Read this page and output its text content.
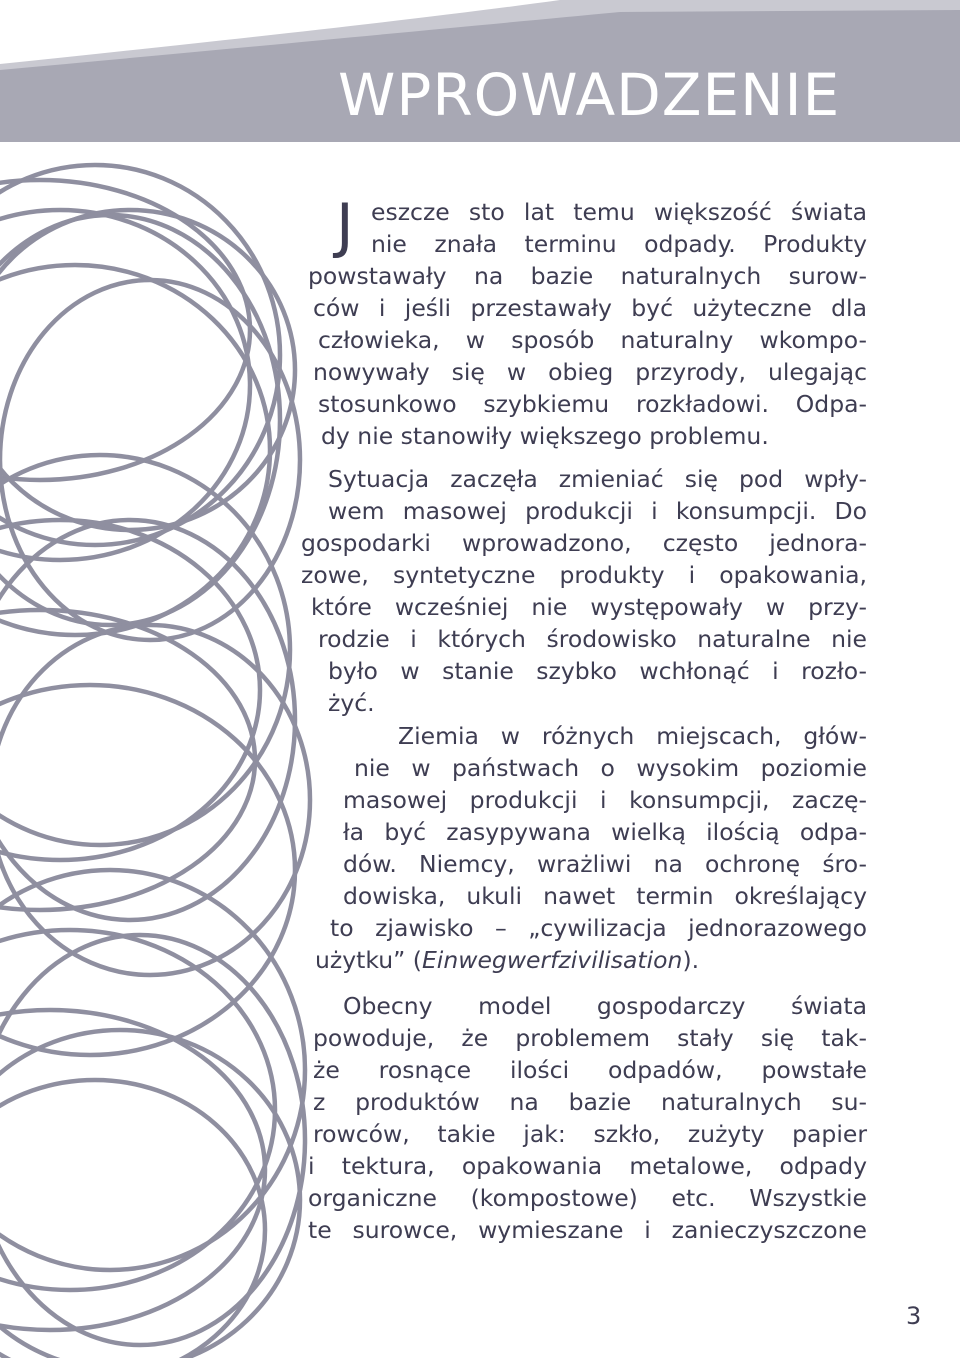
WPROWADZENIE
J eszcze sto lat temu większość świata
nie znała terminu odpady. Produkty
powstawały na bazie naturalnych surow-
ców i jeśli przestawały być użyteczne dla
człowieka, w sposób naturalny wkompo-
nowywały się w obieg przyrody, ulegając
stosunkowo szybkiemu rozkładowi. Odpa-
dy nie stanowiły większego problemu.
Sytuacja zaczęła zmieniać się pod wpły-
wem masowej produkcji i konsumpcji. Do
gospodarki wprowadzono, często jednora-
zowe, syntetyczne produkty i opakowania,
które wcześniej nie występowały w przy-
rodzie i których środowisko naturalne nie
było w stanie szybko wchłonąć i rozło-
żyć.
Ziemia w różnych miejscach, głów-
nie w państwach o wysokim poziomie
masowej produkcji i konsumpcji, zaczę-
ła być zasypywana wielką ilością odpa-
dów. Niemcy, wrażliwi na ochronę śro-
dowiska, ukuli nawet termin określający
to zjawisko – „cywilizacja jednorazowego
użytku” (Einwegwerfzivilisation).
Obecny model gospodarczy świata
powoduje, że problemem stały się tak-
że rosnące ilości odpadów, powstałe
z produktów na bazie naturalnych su-
rowców, takie jak: szkło, zużyty papier
i tektura, opakowania metalowe, odpady
organiczne (kompostowe) etc. Wszystkie
te surowce, wymieszane i zanieczyszczone
3
